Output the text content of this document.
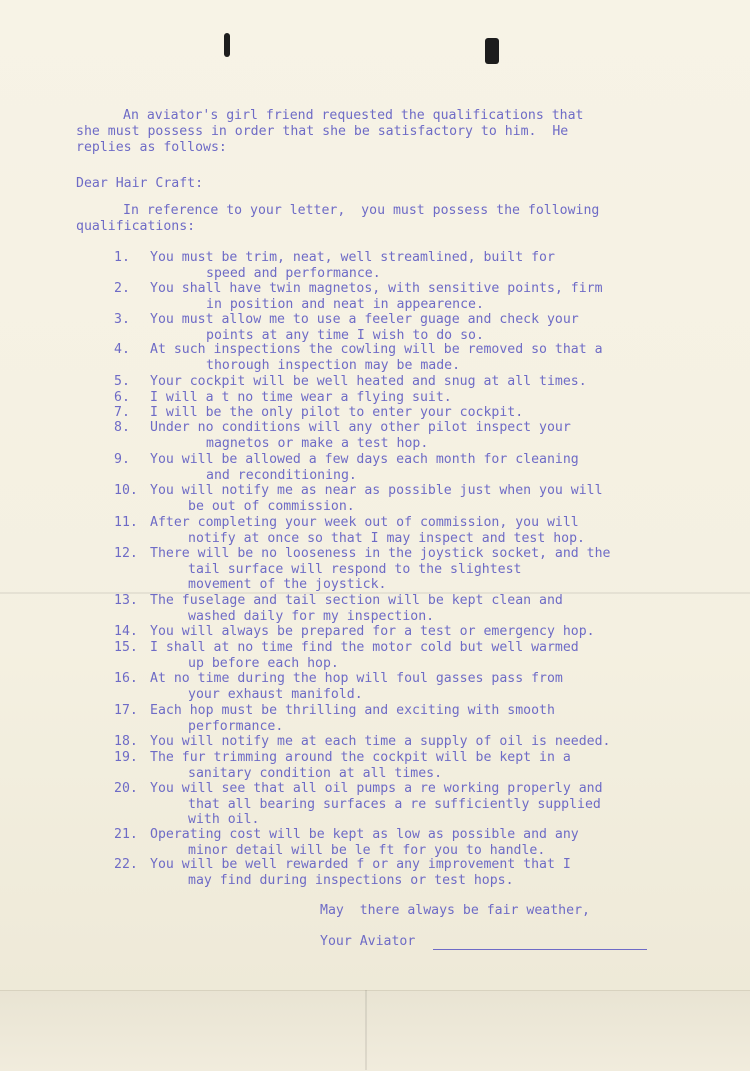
An aviator's girl friend requested the qualifications that

she must possess in order that she be satisfactory to him.  He

replies as follows:

Dear Hair Craft:

In reference to your letter,  you must possess the following

qualifications:

1. You must be trim, neat, well streamlined, built for
speed and performance.
2. You shall have twin magnetos, with sensitive points, firm
in position and neat in appearence.
3. You must allow me to use a feeler guage and check your
points at any time I wish to do so.
4. At such inspections the cowling will be removed so that a
thorough inspection may be made.
5. Your cockpit will be well heated and snug at all times.
6. I will a t no time wear a flying suit.
7. I will be the only pilot to enter your cockpit.
8. Under no conditions will any other pilot inspect your
magnetos or make a test hop.
9. You will be allowed a few days each month for cleaning
and reconditioning.
10. You will notify me as near as possible just when you will
be out of commission.
11. After completing your week out of commission, you will
notify at once so that I may inspect and test hop.
12. There will be no looseness in the joystick socket, and the
tail surface will respond to the slightest
movement of the joystick.
13. The fuselage and tail section will be kept clean and
washed daily for my inspection.
14. You will always be prepared for a test or emergency hop.
15. I shall at no time find the motor cold but well warmed
up before each hop.
16. At no time during the hop will foul gasses pass from
your exhaust manifold.
17. Each hop must be thrilling and exciting with smooth
performance.
18. You will notify me at each time a supply of oil is needed.
19. The fur trimming around the cockpit will be kept in a
sanitary condition at all times.
20. You will see that all oil pumps a re working properly and
that all bearing surfaces a re sufficiently supplied
with oil.
21. Operating cost will be kept as low as possible and any
minor detail will be le ft for you to handle.
22. You will be well rewarded f or any improvement that I
may find during inspections or test hops.

May  there always be fair weather,

Your Aviator
